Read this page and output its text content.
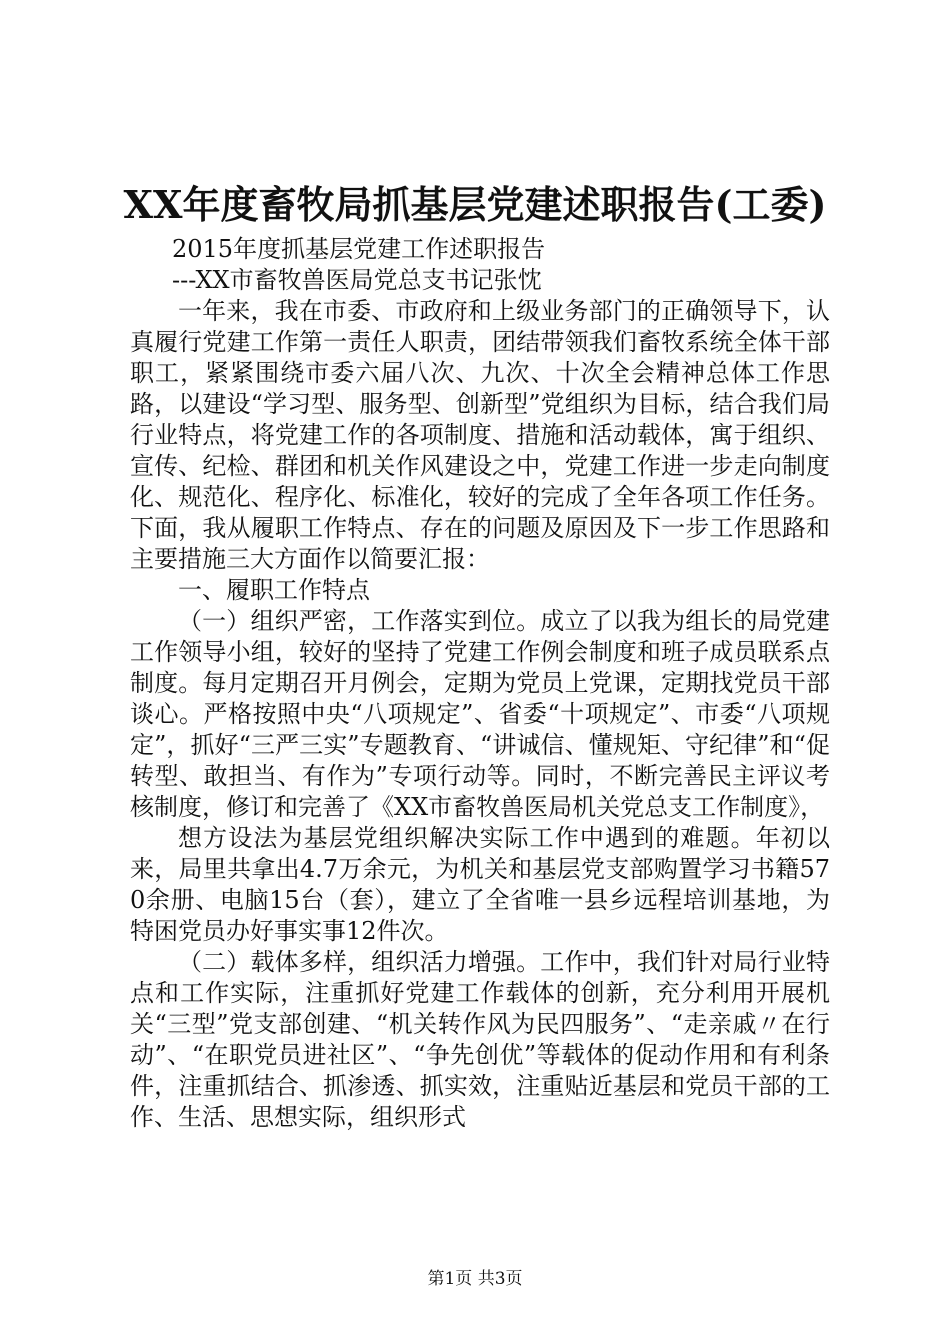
XX年度畜牧局抓基层党建述职报告(工委)

2015年度抓基层党建工作述职报告

---XX市畜牧兽医局党总支书记张忱

一年来，我在市委、市政府和上级业务部门的正确领导下，认真履行党建工作第一责任人职责，团结带领我们畜牧系统全体干部职工，紧紧围绕市委六届八次、九次、十次全会精神总体工作思路，以建设“学习型、服务型、创新型”党组织为目标，结合我们局行业特点，将党建工作的各项制度、措施和活动载体，寓于组织、宣传、纪检、群团和机关作风建设之中，党建工作进一步走向制度化、规范化、程序化、标准化，较好的完成了全年各项工作任务。下面，我从履职工作特点、存在的问题及原因及下一步工作思路和主要措施三大方面作以简要汇报：

一、履职工作特点

（一）组织严密，工作落实到位。成立了以我为组长的局党建工作领导小组，较好的坚持了党建工作例会制度和班子成员联系点制度。每月定期召开月例会，定期为党员上党课，定期找党员干部谈心。严格按照中央“八项规定”、省委“十项规定”、市委“八项规定”，抓好“三严三实”专题教育、“讲诚信、懂规矩、守纪律”和“促转型、敢担当、有作为”专项行动等。同时，不断完善民主评议考核制度，修订和完善了《XX市畜牧兽医局机关党总支工作制度》，

想方设法为基层党组织解决实际工作中遇到的难题。年初以来，局里共拿出4.7万余元，为机关和基层党支部购置学习书籍570余册、电脑15台（套），建立了全省唯一县乡远程培训基地，为特困党员办好事实事12件次。

（二）载体多样，组织活力增强。工作中，我们针对局行业特点和工作实际，注重抓好党建工作载体的创新，充分利用开展机关“三型”党支部创建、“机关转作风为民四服务”、“走亲戚〃在行动”、“在职党员进社区”、“争先创优”等载体的促动作用和有利条件，注重抓结合、抓渗透、抓实效，注重贴近基层和党员干部的工作、生活、思想实际，组织形式

第1页 共3页
